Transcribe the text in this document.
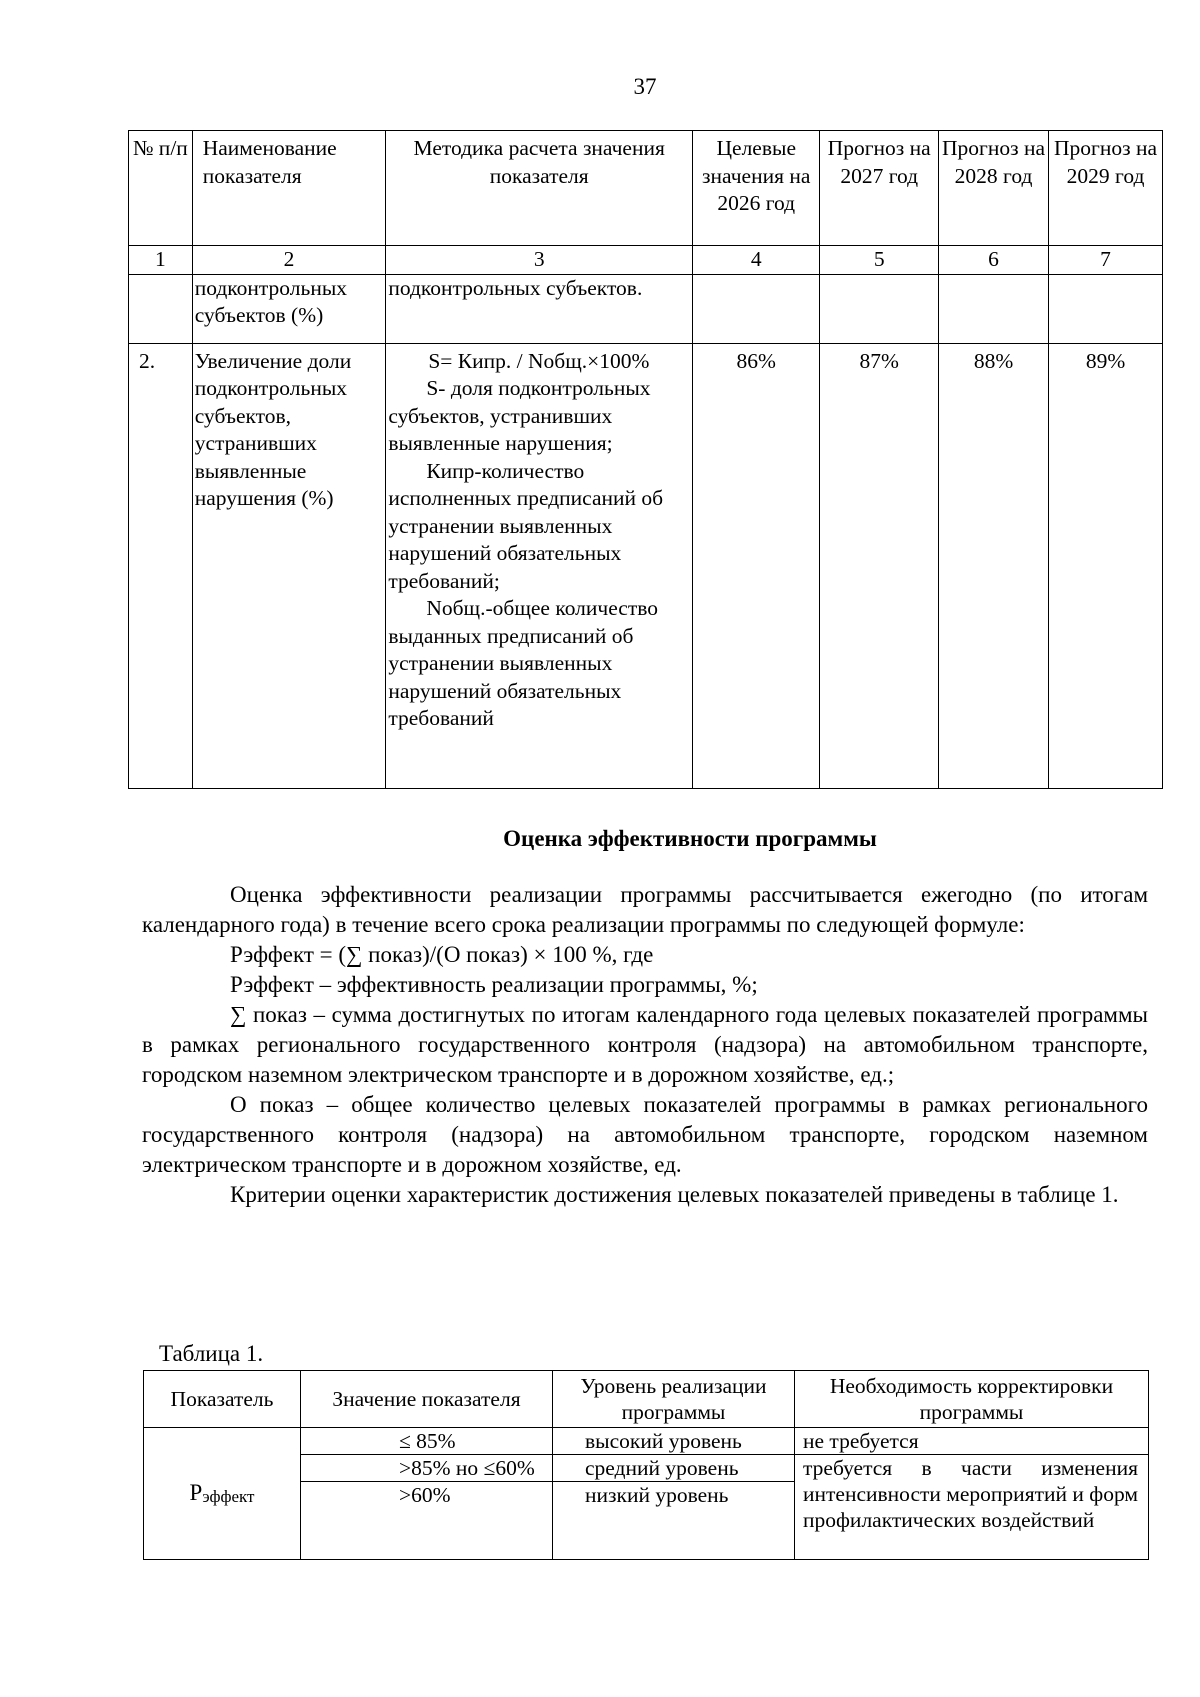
37
№ п/п	Наименование показателя	Методика расчета значения показателя	Целевые значения на 2026 год	Прогноз на 2027 год	Прогноз на 2028 год	Прогноз на 2029 год
1	2	3	4	5	6	7
	подконтрольных субъектов (%)	подконтрольных субъектов.				
2.	Увеличение доли подконтрольных субъектов, устранивших выявленные нарушения (%)	S= Кипр. / Nобщ.×100%
S- доля подконтрольных субъектов, устранивших выявленные нарушения;
Кипр-количество исполненных предписаний об устранении выявленных нарушений обязательных требований;
Nобщ.-общее количество выданных предписаний об устранении выявленных нарушений обязательных требований	86%	87%	88%	89%
Оценка эффективности программы

Оценка эффективности реализации программы рассчитывается ежегодно (по итогам календарного года) в течение всего срока реализации программы по следующей формуле:

Рэффект = (∑ показ)/(О показ) × 100 %, где

Рэффект – эффективность реализации программы, %;

∑ показ – сумма достигнутых по итогам календарного года целевых показателей программы в рамках регионального государственного контроля (надзора) на автомобильном транспорте, городском наземном электрическом транспорте и в дорожном хозяйстве, ед.;

О показ – общее количество целевых показателей программы в рамках регионального государственного контроля (надзора) на автомобильном транспорте, городском наземном электрическом транспорте и в дорожном хозяйстве, ед.

Критерии оценки характеристик достижения целевых показателей приведены в таблице 1.

Таблица 1.
Показатель	Значение показателя	Уровень реализации программы	Необходимость корректировки программы
$Р_{эффект}$	≤ 85%	высокий уровень	не требуется
	>85% но ≤60%	средний уровень	требуется в части изменения интенсивности мероприятий и форм профилактических воздействий
	>60%	низкий уровень	
